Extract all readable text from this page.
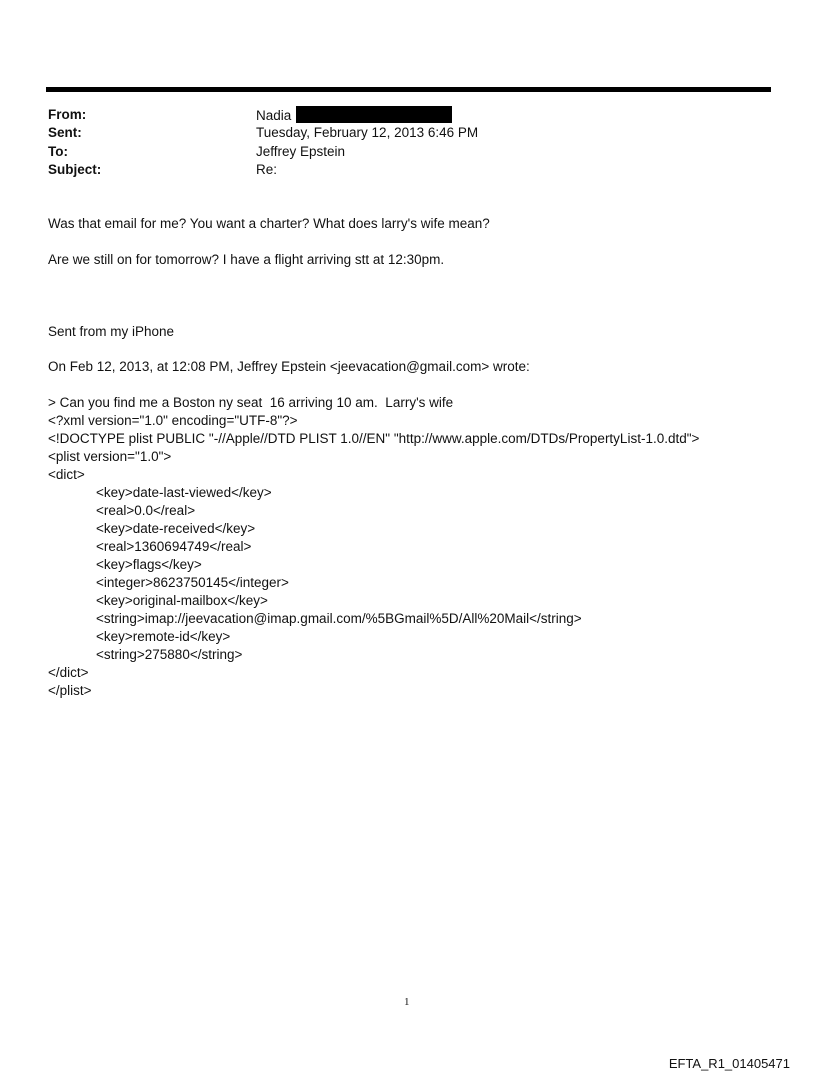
From:	Nadia
Sent:	Tuesday, February 12, 2013 6:46 PM
To:	Jeffrey Epstein
Subject:	Re:
Was that email for me? You want a charter? What does larry's wife mean?
Are we still on for tomorrow? I have a flight arriving stt at 12:30pm.
Sent from my iPhone
On Feb 12, 2013, at 12:08 PM, Jeffrey Epstein <jeevacation@gmail.com> wrote:
> Can you find me a Boston ny seat  16 arriving 10 am.  Larry's wife
<?xml version="1.0" encoding="UTF-8"?>
<!DOCTYPE plist PUBLIC "-//Apple//DTD PLIST 1.0//EN" "http://www.apple.com/DTDs/PropertyList-1.0.dtd">
<plist version="1.0">
<dict>
<key>date-last-viewed</key>
<real>0.0</real>
<key>date-received</key>
<real>1360694749</real>
<key>flags</key>
<integer>8623750145</integer>
<key>original-mailbox</key>
<string>imap://jeevacation@imap.gmail.com/%5BGmail%5D/All%20Mail</string>
<key>remote-id</key>
<string>275880</string>
</dict>
</plist>
1
EFTA_R1_01405471
